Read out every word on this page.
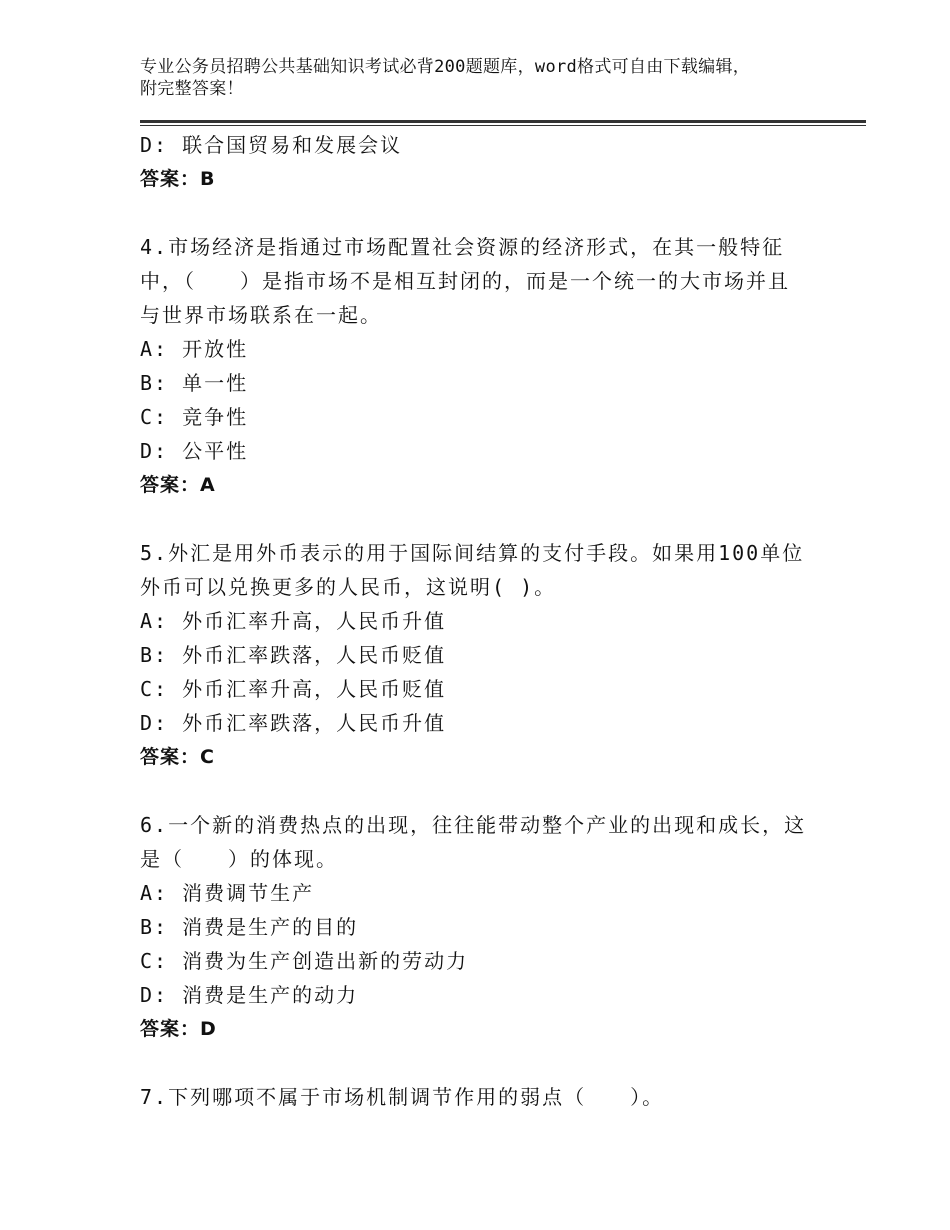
专业公务员招聘公共基础知识考试必背200题题库，word格式可自由下载编辑，
附完整答案！
D: 联合国贸易和发展会议
答案：B
4.市场经济是指通过市场配置社会资源的经济形式，在其一般特征
中，（　　）是指市场不是相互封闭的，而是一个统一的大市场并且
与世界市场联系在一起。
A: 开放性
B: 单一性
C: 竞争性
D: 公平性
答案：A
5.外汇是用外币表示的用于国际间结算的支付手段。如果用100单位
外币可以兑换更多的人民币，这说明( )。
A: 外币汇率升高，人民币升值
B: 外币汇率跌落，人民币贬值
C: 外币汇率升高，人民币贬值
D: 外币汇率跌落，人民币升值
答案：C
6.一个新的消费热点的出现，往往能带动整个产业的出现和成长，这
是（　　）的体现。
A: 消费调节生产
B: 消费是生产的目的
C: 消费为生产创造出新的劳动力
D: 消费是生产的动力
答案：D
7.下列哪项不属于市场机制调节作用的弱点（　　）。
